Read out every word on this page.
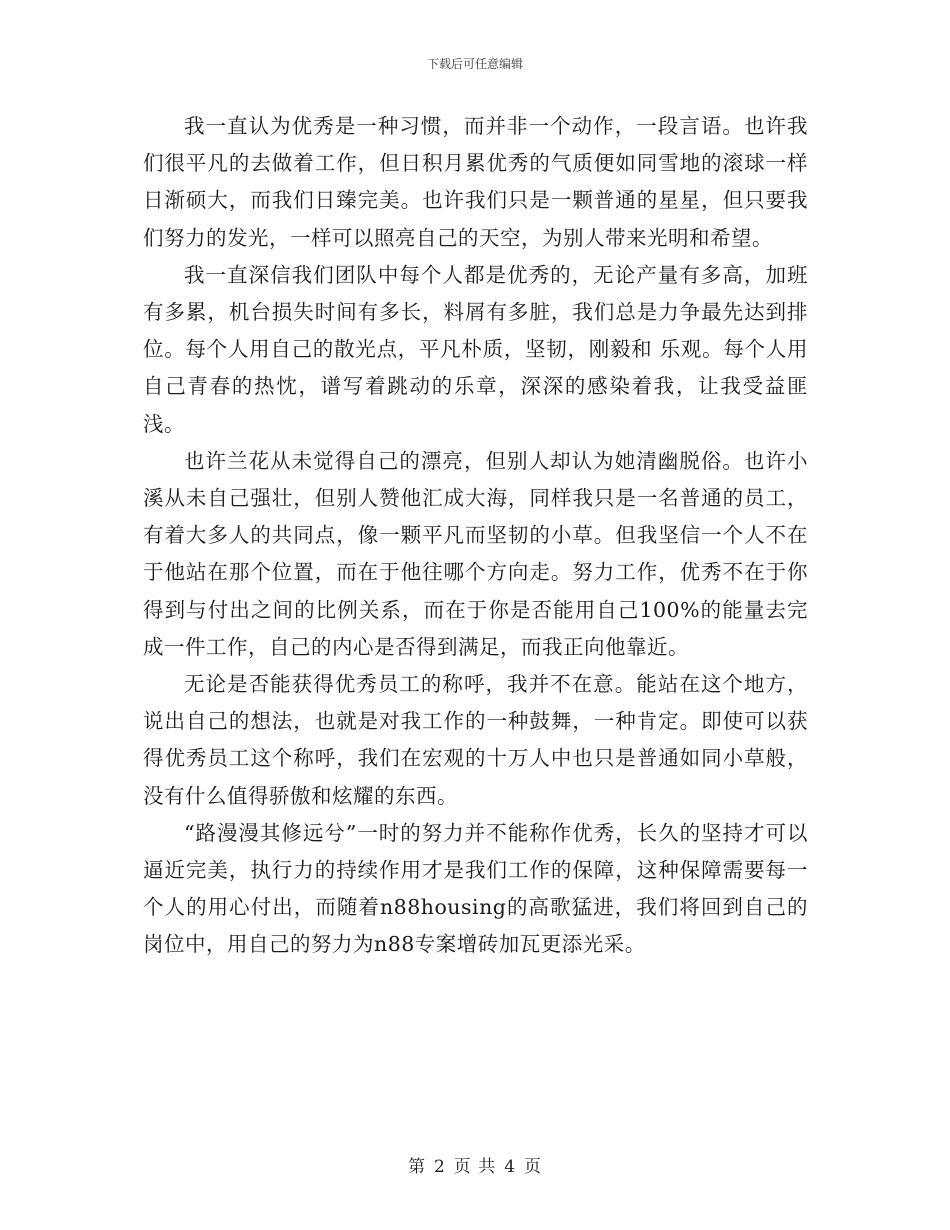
下载后可任意编辑

我一直认为优秀是一种习惯，而并非一个动作，一段言语。也许我们很平凡的去做着工作，但日积月累优秀的气质便如同雪地的滚球一样日渐硕大，而我们日臻完美。也许我们只是一颗普通的星星，但只要我们努力的发光，一样可以照亮自己的天空，为别人带来光明和希望。

我一直深信我们团队中每个人都是优秀的，无论产量有多高，加班有多累，机台损失时间有多长，料屑有多脏，我们总是力争最先达到排位。每个人用自己的散光点，平凡朴质，坚韧，刚毅和 乐观。每个人用自己青春的热忱，谱写着跳动的乐章，深深的感染着我，让我受益匪浅。

也许兰花从未觉得自己的漂亮，但别人却认为她清幽脱俗。也许小溪从未自己强壮，但别人赞他汇成大海，同样我只是一名普通的员工，有着大多人的共同点，像一颗平凡而坚韧的小草。但我坚信一个人不在于他站在那个位置，而在于他往哪个方向走。努力工作，优秀不在于你得到与付出之间的比例关系，而在于你是否能用自己100%的能量去完成一件工作，自己的内心是否得到满足，而我正向他靠近。

无论是否能获得优秀员工的称呼，我并不在意。能站在这个地方，说出自己的想法，也就是对我工作的一种鼓舞，一种肯定。即使可以获得优秀员工这个称呼，我们在宏观的十万人中也只是普通如同小草般，没有什么值得骄傲和炫耀的东西。

“路漫漫其修远兮”一时的努力并不能称作优秀，长久的坚持才可以逼近完美，执行力的持续作用才是我们工作的保障，这种保障需要每一个人的用心付出，而随着n88housing的高歌猛进，我们将回到自己的岗位中，用自己的努力为n88专案增砖加瓦更添光采。

第 2 页 共 4 页
